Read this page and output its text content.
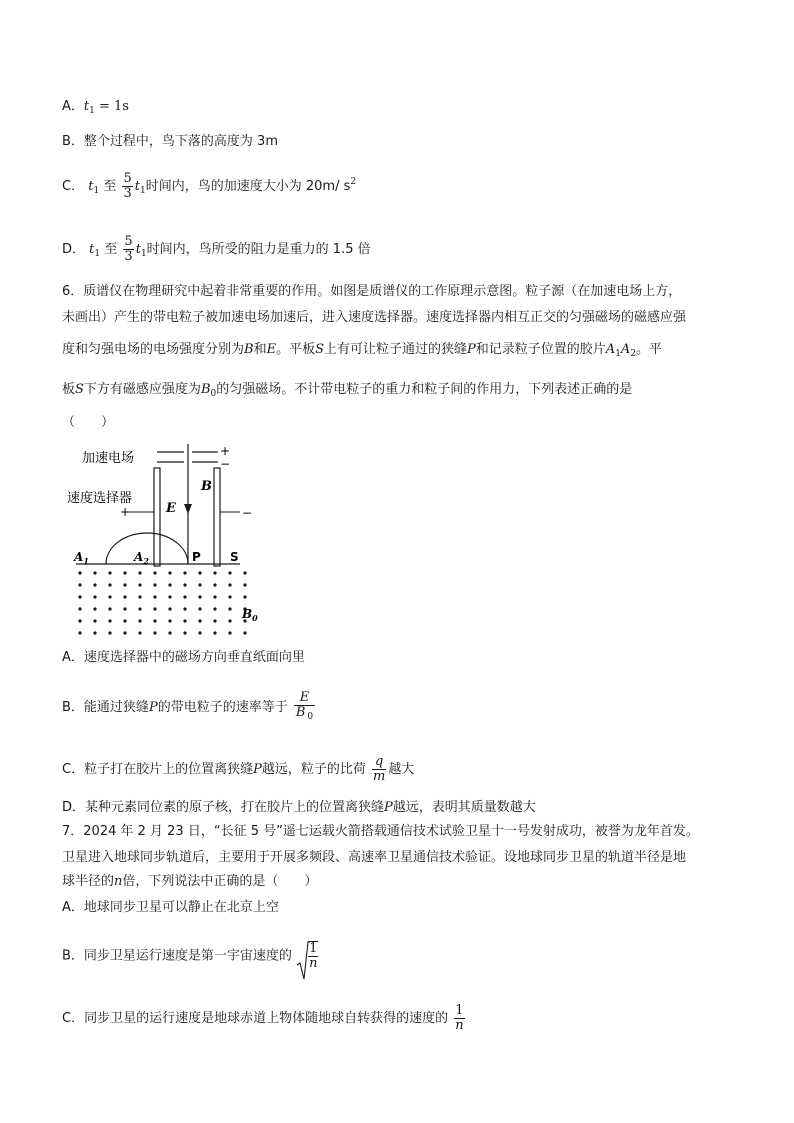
A．$t_1 = 1s$
B．整个过程中，鸟下落的高度为 3m
C． $t_1$ 至 $\frac{5}{3} t_1$时间内，鸟的加速度大小为 20m/ $s^2$
D． $t_1$ 至 $\frac{5}{3} t_1$时间内，鸟所受的阻力是重力的 1.5 倍
6．质谱仪在物理研究中起着非常重要的作用。如图是质谱仪的工作原理示意图。粒子源（在加速电场上方，
未画出）产生的带电粒子被加速电场加速后，进入速度选择器。速度选择器内相互正交的匀强磁场的磁感应强
度和匀强电场的电场强度分别为B和E。平板S上有可让粒子通过的狭缝P和记录粒子位置的胶片$A_1A_2$。平
板S下方有磁感应强度为$B_0$的匀强磁场。不计带电粒子的重力和粒子间的作用力，下列表述正确的是
（　　）
加速电场	+
−
速度选择器
+	−
E
B
$A_1$	$A_2$	P S
$B_0$
A．速度选择器中的磁场方向垂直纸面向里
B．能通过狭缝P的带电粒子的速率等于 $\frac{E}{B _0}$
C．粒子打在胶片上的位置离狭缝P越远，粒子的比荷 $\frac{q}{m}$ 越大
D．某种元素同位素的原子核，打在胶片上的位置离狭缝P越远，表明其质量数越大
7．2024 年 2 月 23 日，“长征 5 号”遥七运载火箭搭载通信技术试验卫星十一号发射成功，被誉为龙年首发。
卫星进入地球同步轨道后，主要用于开展多频段、高速率卫星通信技术验证。设地球同步卫星的轨道半径是地
球半径的n倍，下列说法中正确的是（　　）
A．地球同步卫星可以静止在北京上空
B．同步卫星运行速度是第一宇宙速度的 $\frac{1}{n}$
C．同步卫星的运行速度是地球赤道上物体随地球自转获得的速度的 $\frac{1}{n}$
